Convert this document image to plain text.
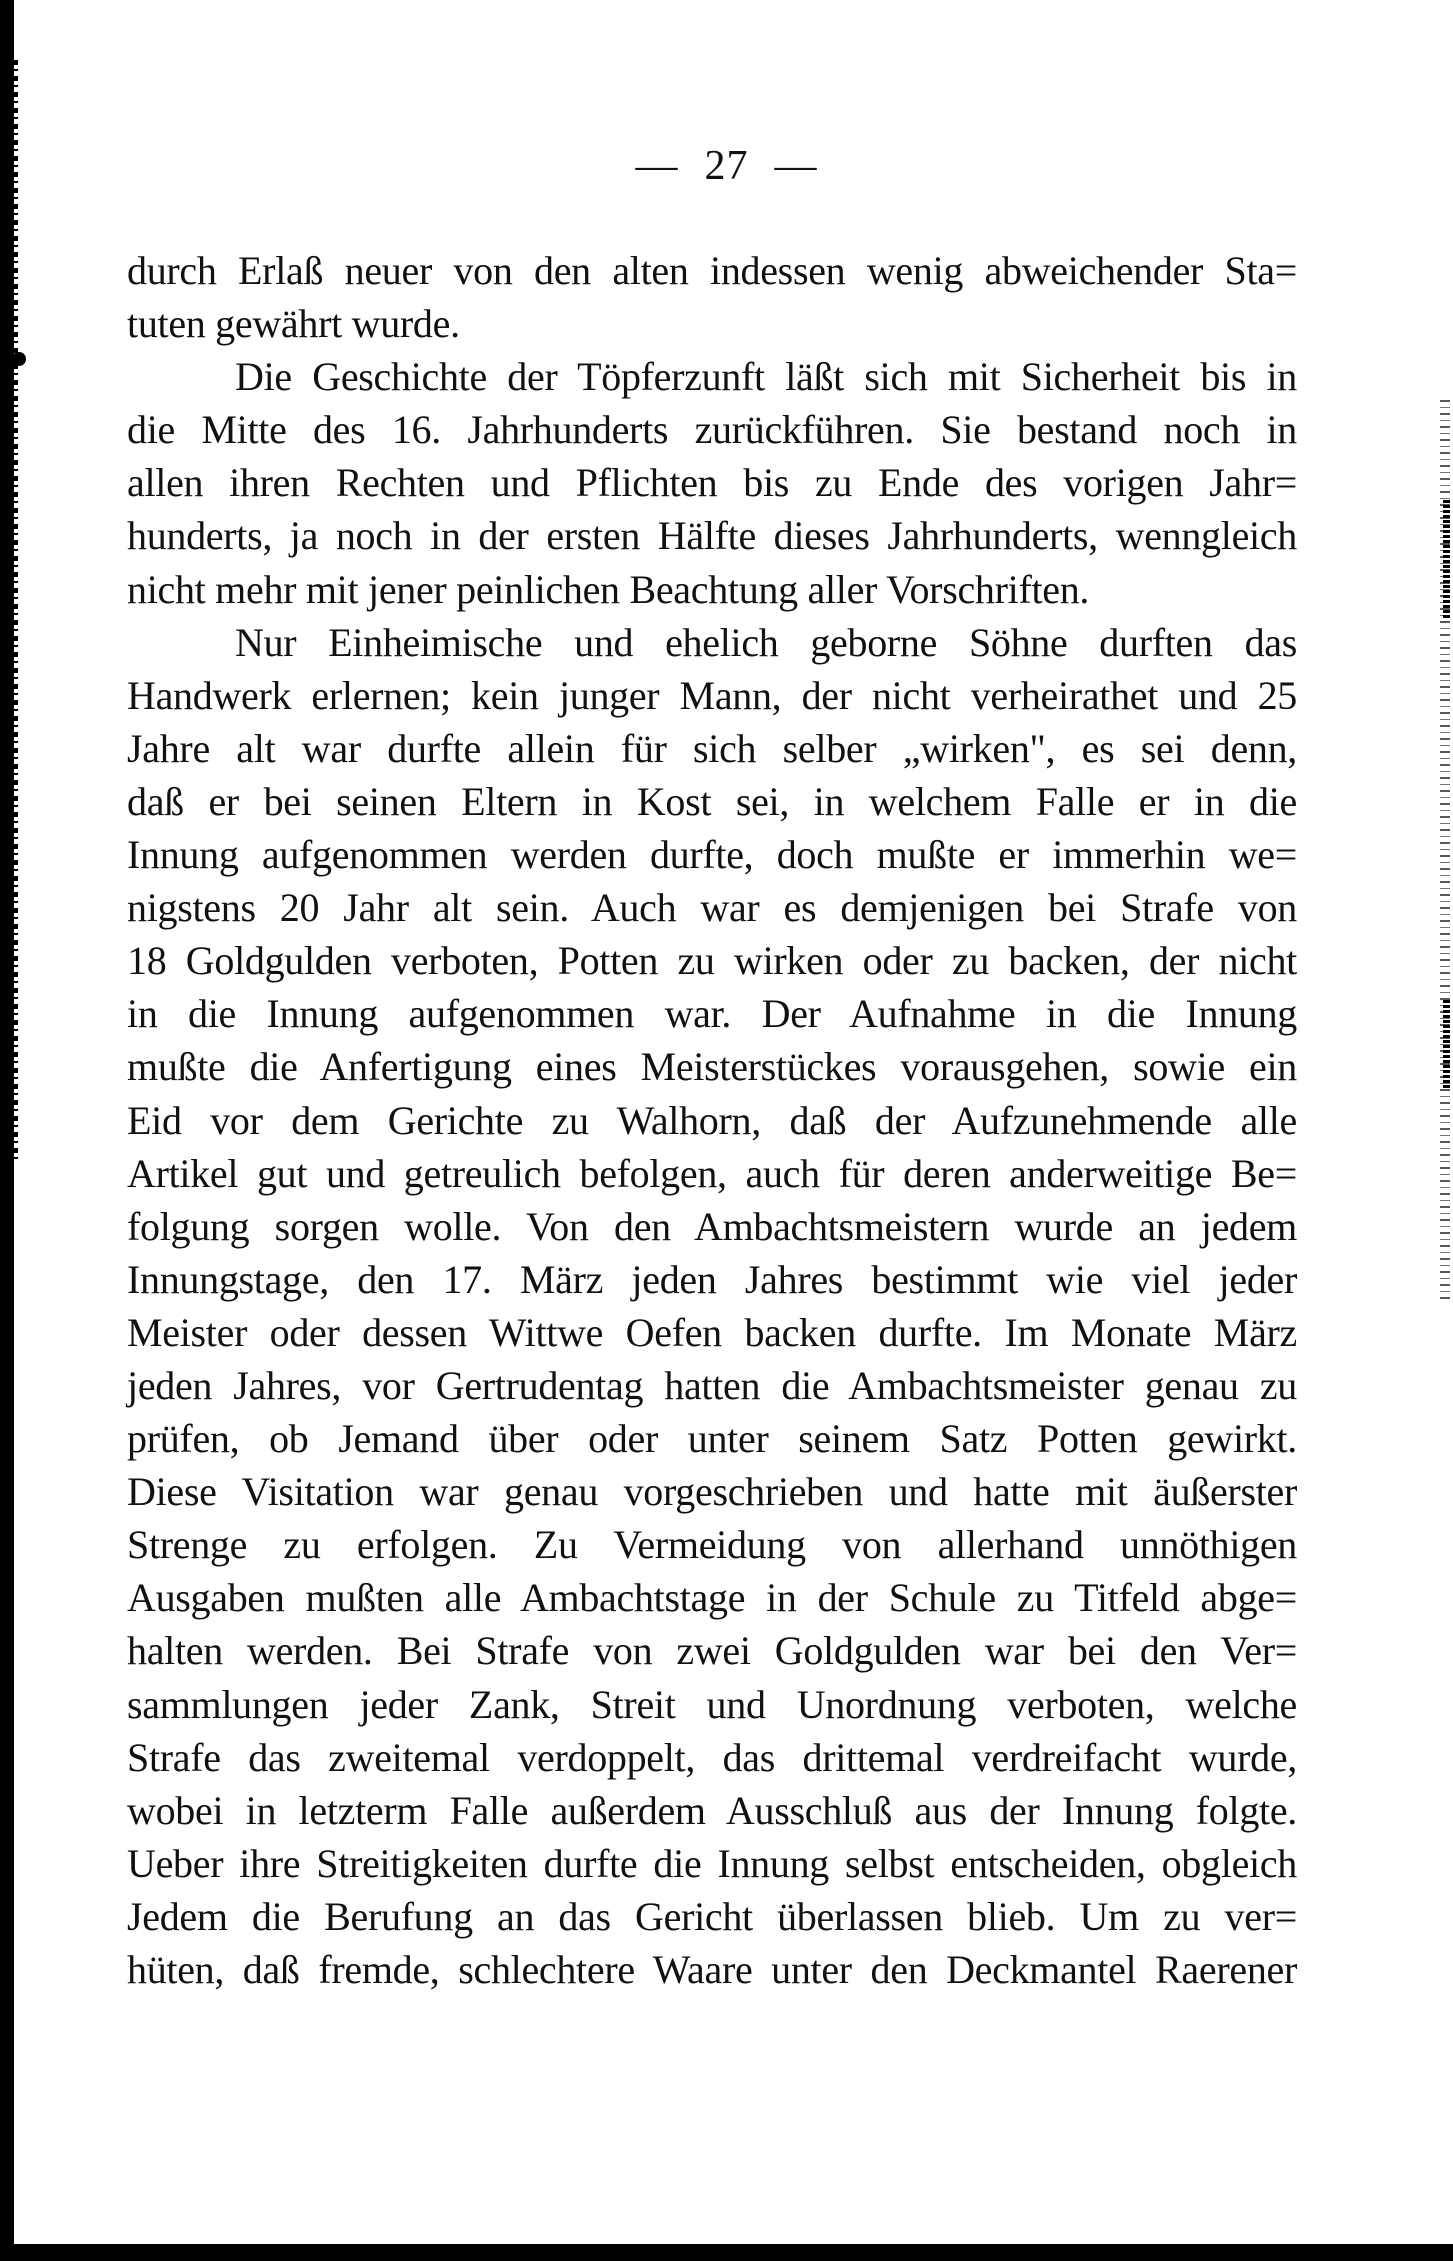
— 27 —
durch Erlaß neuer von den alten indessen wenig abweichender Sta=
tuten gewährt wurde.
Die Geschichte der Töpferzunft läßt sich mit Sicherheit bis in
die Mitte des 16. Jahrhunderts zurückführen. Sie bestand noch in
allen ihren Rechten und Pflichten bis zu Ende des vorigen Jahr=
hunderts, ja noch in der ersten Hälfte dieses Jahrhunderts, wenngleich
nicht mehr mit jener peinlichen Beachtung aller Vorschriften.
Nur Einheimische und ehelich geborne Söhne durften das
Handwerk erlernen; kein junger Mann, der nicht verheirathet und 25
Jahre alt war durfte allein für sich selber „wirken", es sei denn,
daß er bei seinen Eltern in Kost sei, in welchem Falle er in die
Innung aufgenommen werden durfte, doch mußte er immerhin we=
nigstens 20 Jahr alt sein. Auch war es demjenigen bei Strafe von
18 Goldgulden verboten, Potten zu wirken oder zu backen, der nicht
in die Innung aufgenommen war. Der Aufnahme in die Innung
mußte die Anfertigung eines Meisterstückes vorausgehen, sowie ein
Eid vor dem Gerichte zu Walhorn, daß der Aufzunehmende alle
Artikel gut und getreulich befolgen, auch für deren anderweitige Be=
folgung sorgen wolle. Von den Ambachtsmeistern wurde an jedem
Innungstage, den 17. März jeden Jahres bestimmt wie viel jeder
Meister oder dessen Wittwe Oefen backen durfte. Im Monate März
jeden Jahres, vor Gertrudentag hatten die Ambachtsmeister genau zu
prüfen, ob Jemand über oder unter seinem Satz Potten gewirkt.
Diese Visitation war genau vorgeschrieben und hatte mit äußerster
Strenge zu erfolgen. Zu Vermeidung von allerhand unnöthigen
Ausgaben mußten alle Ambachtstage in der Schule zu Titfeld abge=
halten werden. Bei Strafe von zwei Goldgulden war bei den Ver=
sammlungen jeder Zank, Streit und Unordnung verboten, welche
Strafe das zweitemal verdoppelt, das drittemal verdreifacht wurde,
wobei in letzterm Falle außerdem Ausschluß aus der Innung folgte.
Ueber ihre Streitigkeiten durfte die Innung selbst entscheiden, obgleich
Jedem die Berufung an das Gericht überlassen blieb. Um zu ver=
hüten, daß fremde, schlechtere Waare unter den Deckmantel Raerener
